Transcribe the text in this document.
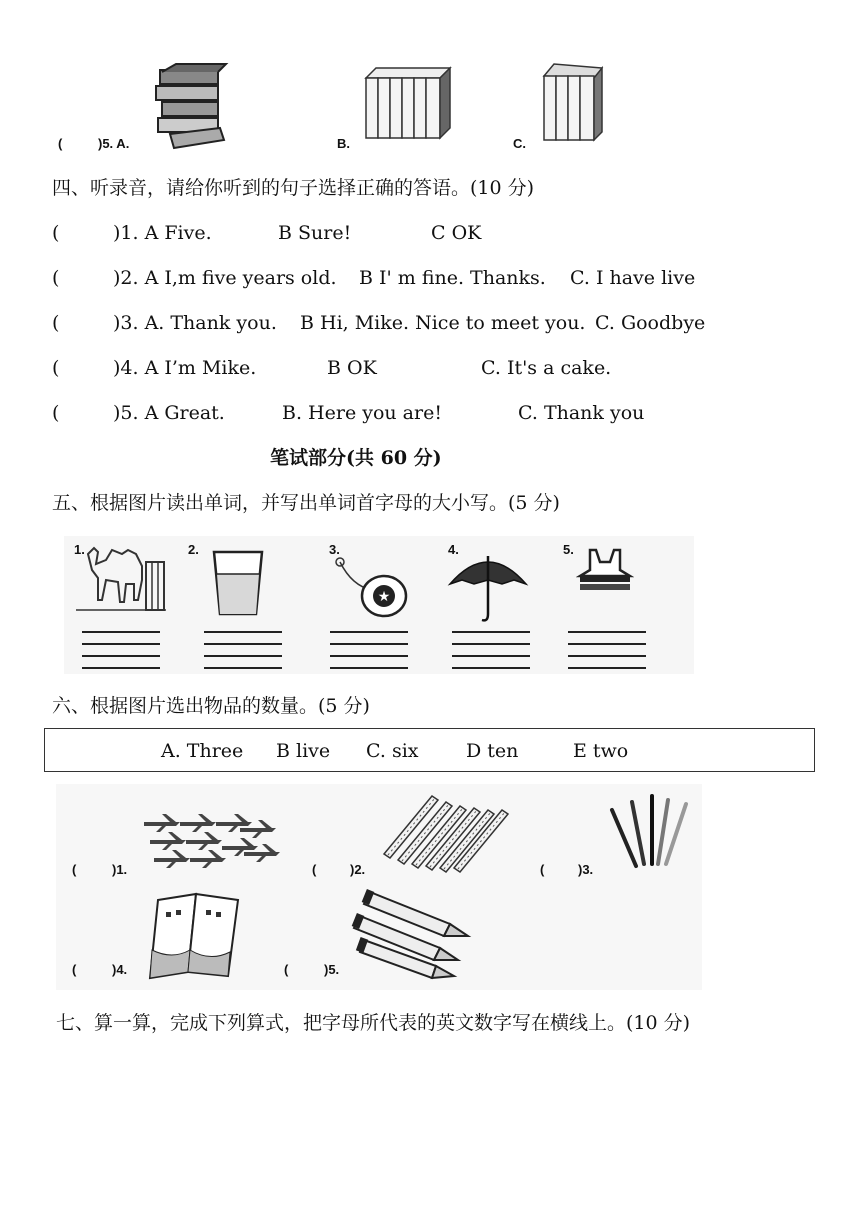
(	)5. A.	B.	C.
四、听录音，请给你听到的句子选择正确的答语。(10 分)
(	)1. A Five.	B Sure!	C OK
(	)2. A I,m five years old. B I' m fine. Thanks. C. I have live
(	)3. A. Thank you. B Hi, Mike. Nice to meet you. C. Goodbye
(	)4. A I’m Mike.	B OK	C. It's a cake.
(	)5. A Great.	B. Here you are!	C. Thank you
笔试部分(共 60 分)
五、根据图片读出单词，并写出单词首字母的大小写。(5 分)
1.	2.	3.
★
4.	5.
六、根据图片选出物品的数量。(5 分)
A. Three B live C. six	D ten	E two
(	)1.	(	)2.	(	)3.
(	)4.	(	)5.
七、算一算，完成下列算式，把字母所代表的英文数字写在横线上。(10 分)
